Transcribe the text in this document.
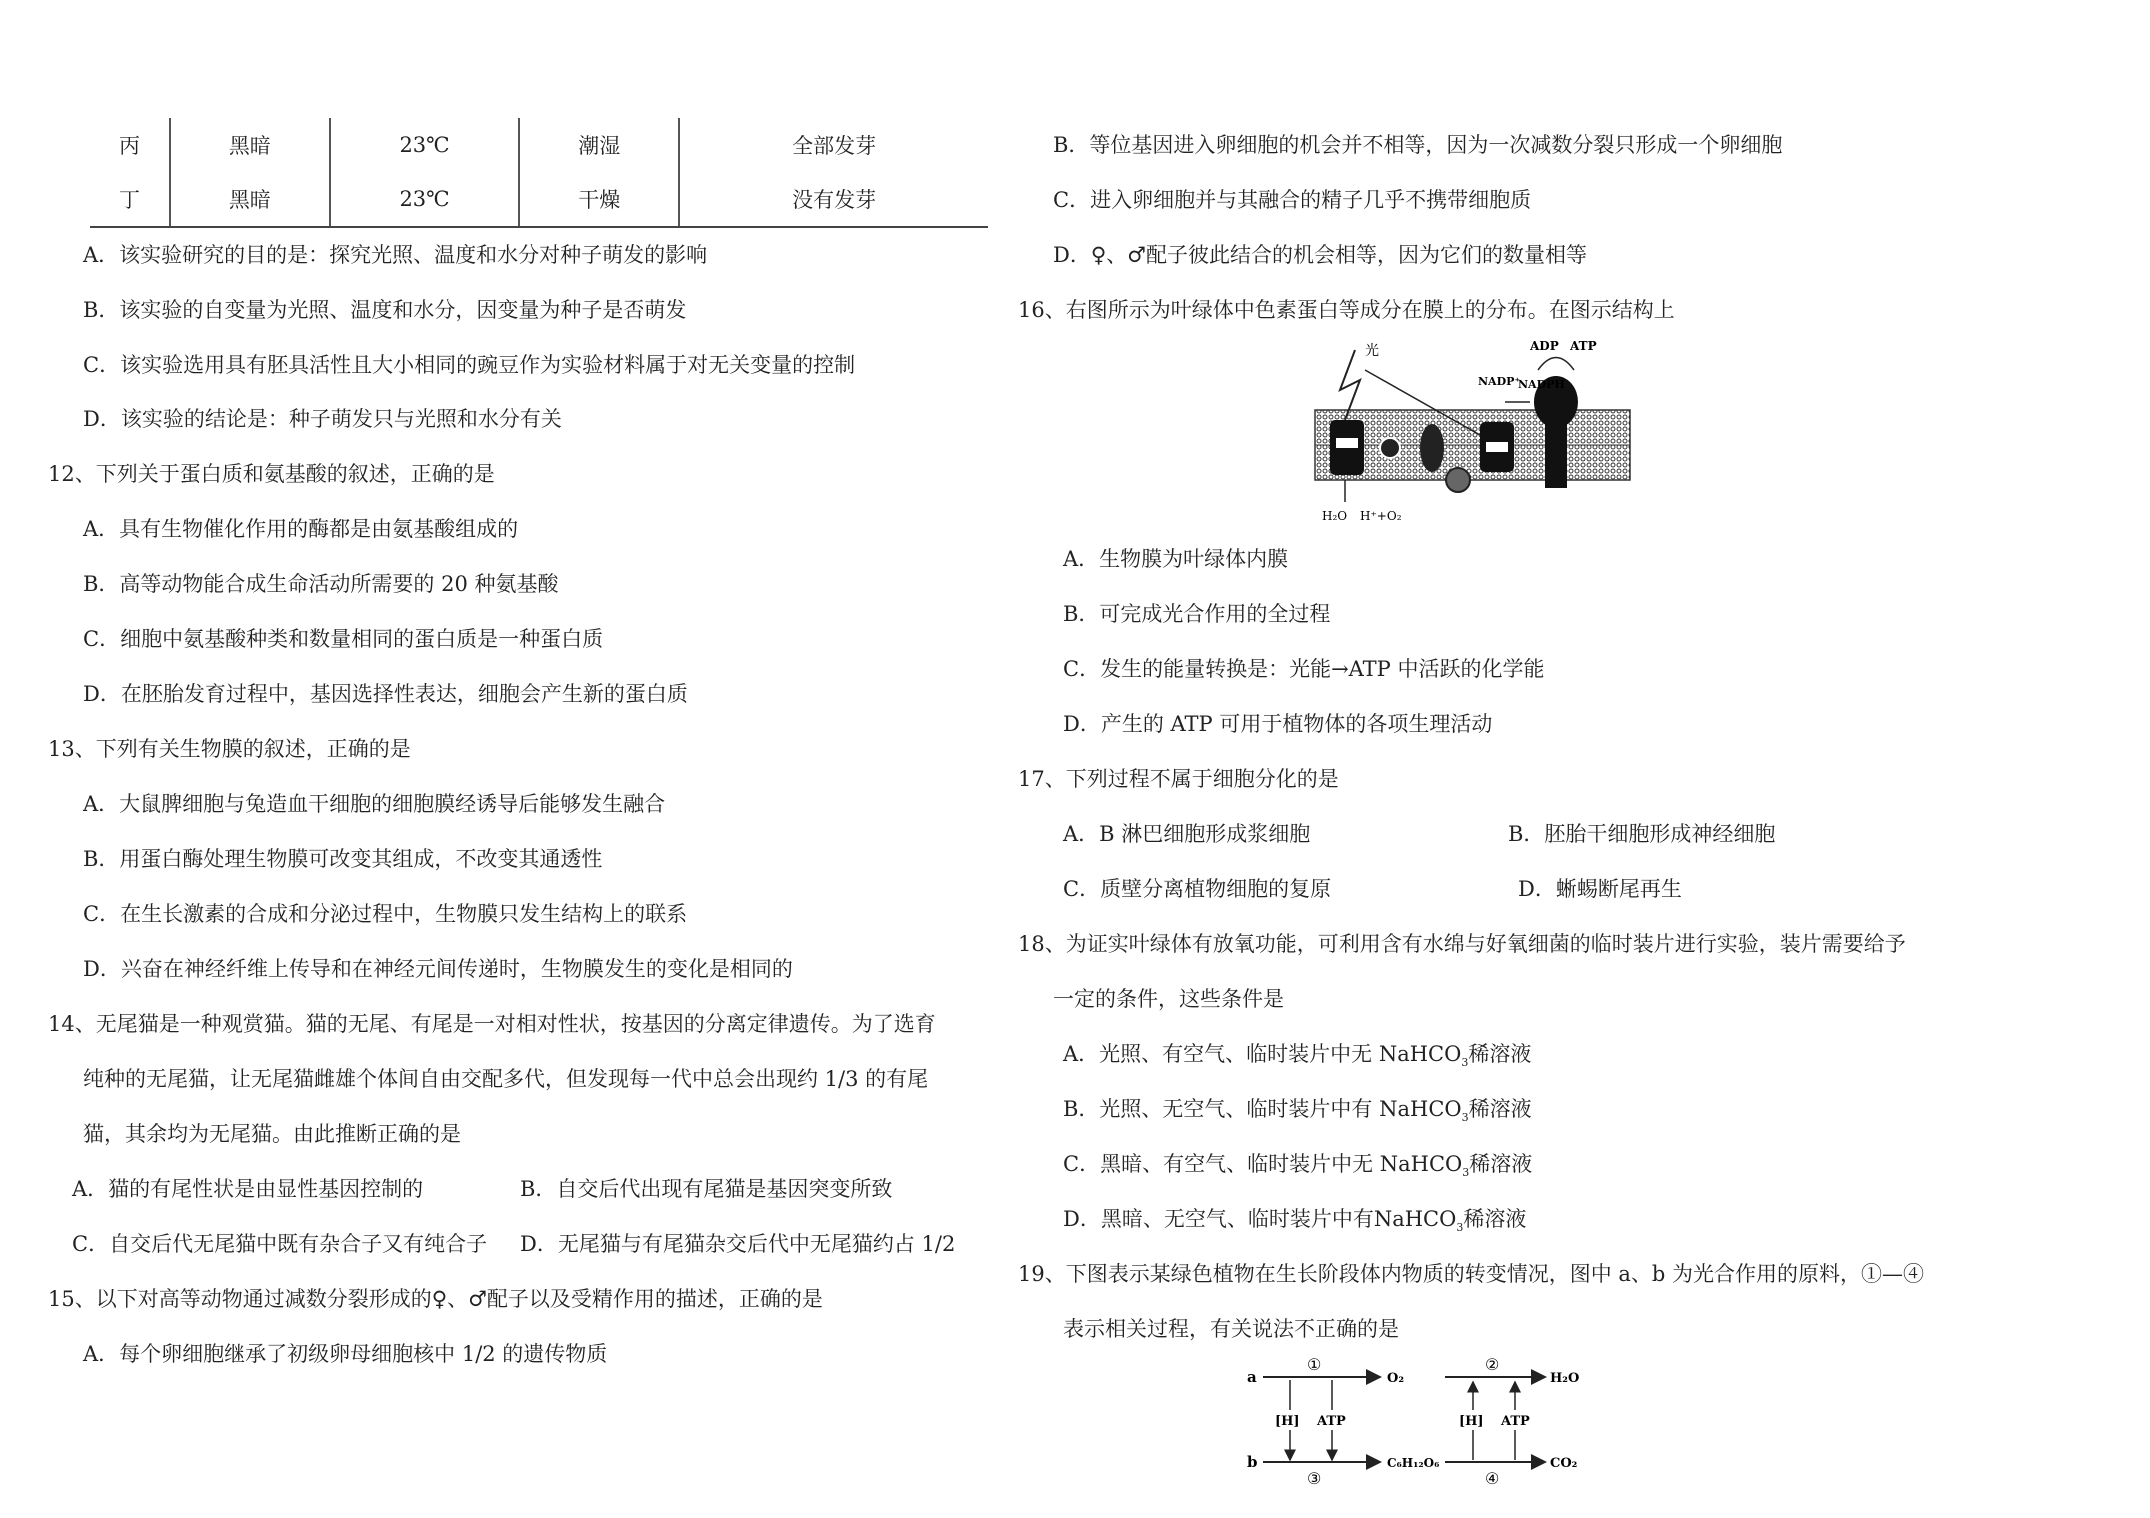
丙	黑暗	23℃	潮湿	全部发芽
丁	黑暗	23℃	干燥	没有发芽
A．该实验研究的目的是：探究光照、温度和水分对种子萌发的影响
B．该实验的自变量为光照、温度和水分，因变量为种子是否萌发
C．该实验选用具有胚具活性且大小相同的豌豆作为实验材料属于对无关变量的控制
D．该实验的结论是：种子萌发只与光照和水分有关
12、下列关于蛋白质和氨基酸的叙述，正确的是
A．具有生物催化作用的酶都是由氨基酸组成的
B．高等动物能合成生命活动所需要的 20 种氨基酸
C．细胞中氨基酸种类和数量相同的蛋白质是一种蛋白质
D．在胚胎发育过程中，基因选择性表达，细胞会产生新的蛋白质
13、下列有关生物膜的叙述，正确的是
A．大鼠脾细胞与兔造血干细胞的细胞膜经诱导后能够发生融合
B．用蛋白酶处理生物膜可改变其组成，不改变其通透性
C．在生长激素的合成和分泌过程中，生物膜只发生结构上的联系
D．兴奋在神经纤维上传导和在神经元间传递时，生物膜发生的变化是相同的
14、无尾猫是一种观赏猫。猫的无尾、有尾是一对相对性状，按基因的分离定律遗传。为了选育
纯种的无尾猫，让无尾猫雌雄个体间自由交配多代，但发现每一代中总会出现约 1/3 的有尾
猫，其余均为无尾猫。由此推断正确的是
A．猫的有尾性状是由显性基因控制的	B．自交后代出现有尾猫是基因突变所致
C．自交后代无尾猫中既有杂合子又有纯合子 D．无尾猫与有尾猫杂交后代中无尾猫约占 1/2
15、以下对高等动物通过减数分裂形成的♀、♂配子以及受精作用的描述，正确的是
A．每个卵细胞继承了初级卵母细胞核中 1/2 的遗传物质
B．等位基因进入卵细胞的机会并不相等，因为一次减数分裂只形成一个卵细胞
C．进入卵细胞并与其融合的精子几乎不携带细胞质
D．♀、♂配子彼此结合的机会相等，因为它们的数量相等
16、右图所示为叶绿体中色素蛋白等成分在膜上的分布。在图示结构上
光	ADP ATP
NADP⁺
NADPH
H₂O H⁺+O₂
A．生物膜为叶绿体内膜
B．可完成光合作用的全过程
C．发生的能量转换是：光能→ATP 中活跃的化学能
D．产生的 ATP 可用于植物体的各项生理活动
17、下列过程不属于细胞分化的是
A．B 淋巴细胞形成浆细胞	B．胚胎干细胞形成神经细胞
C．质壁分离植物细胞的复原	D．蜥蜴断尾再生
18、为证实叶绿体有放氧功能，可利用含有水绵与好氧细菌的临时装片进行实验，装片需要给予
一定的条件，这些条件是
A．光照、有空气、临时装片中无 NaHCO$_3$稀溶液
B．光照、无空气、临时装片中有 NaHCO$_3$稀溶液
C．黑暗、有空气、临时装片中无 NaHCO$_3$稀溶液
D．黑暗、无空气、临时装片中有NaHCO$_3$稀溶液
19、下图表示某绿色植物在生长阶段体内物质的转变情况，图中 a、b 为光合作用的原料，①—④
表示相关过程，有关说法不正确的是
a
①
O₂
[H] ATP
b
③
C₆H₁₂O₆
②
H₂O
[H] ATP
④
CO₂
